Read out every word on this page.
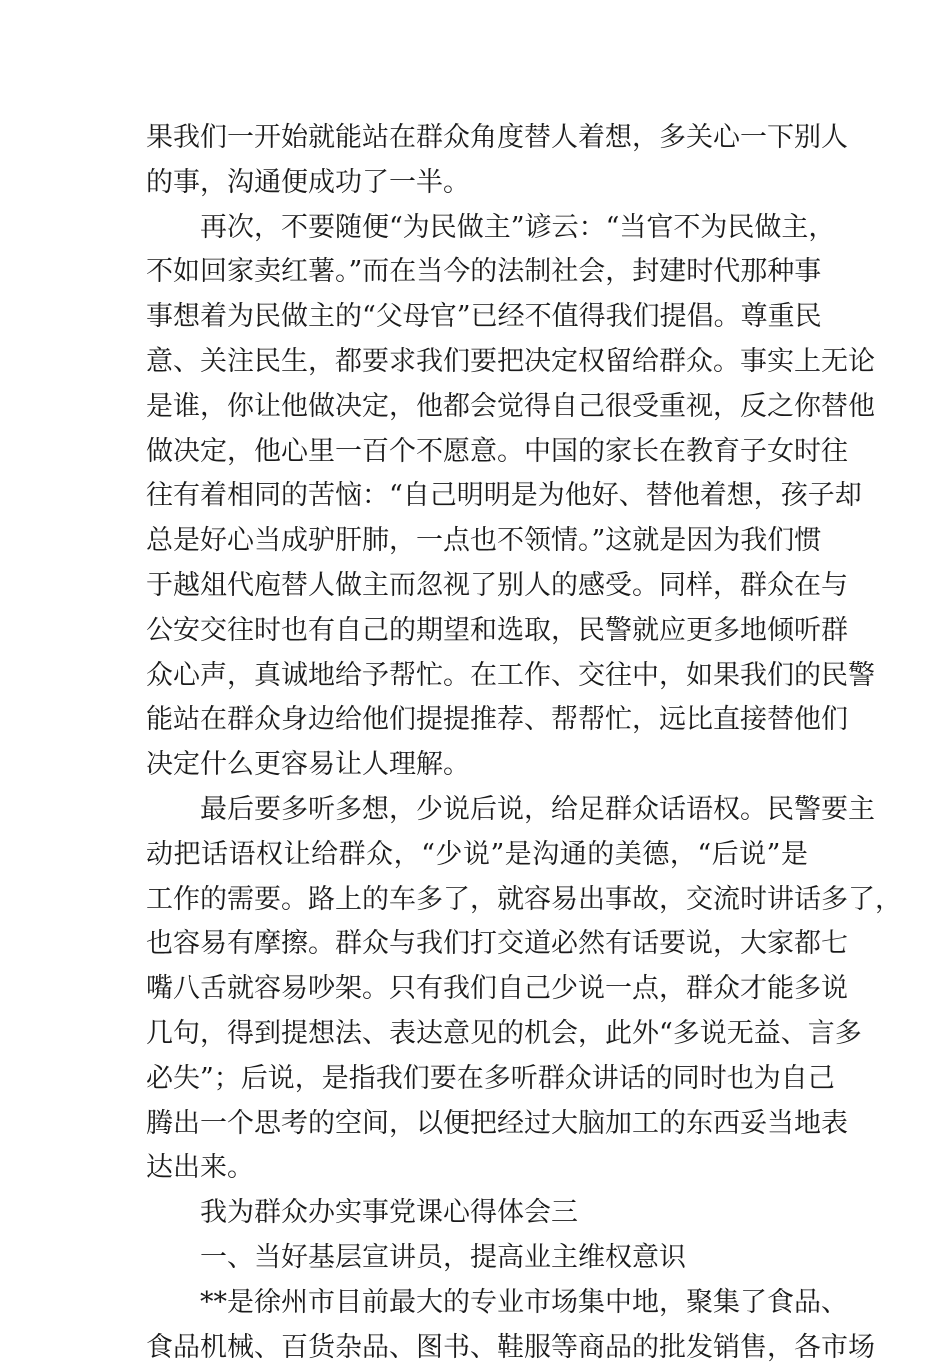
果我们一开始就能站在群众角度替人着想，多关心一下别人
的事，沟通便成功了一半。
再次，不要随便“为民做主”谚云：“当官不为民做主，
不如回家卖红薯。”而在当今的法制社会，封建时代那种事
事想着为民做主的“父母官”已经不值得我们提倡。尊重民
意、关注民生，都要求我们要把决定权留给群众。事实上无论
是谁，你让他做决定，他都会觉得自己很受重视，反之你替他
做决定，他心里一百个不愿意。中国的家长在教育子女时往
往有着相同的苦恼：“自己明明是为他好、替他着想，孩子却
总是好心当成驴肝肺，一点也不领情。”这就是因为我们惯
于越俎代庖替人做主而忽视了别人的感受。同样，群众在与
公安交往时也有自己的期望和选取，民警就应更多地倾听群
众心声，真诚地给予帮忙。在工作、交往中，如果我们的民警
能站在群众身边给他们提提推荐、帮帮忙，远比直接替他们
决定什么更容易让人理解。
最后要多听多想，少说后说，给足群众话语权。民警要主
动把话语权让给群众，“少说”是沟通的美德，“后说”是
工作的需要。路上的车多了，就容易出事故，交流时讲话多了，
也容易有摩擦。群众与我们打交道必然有话要说，大家都七
嘴八舌就容易吵架。只有我们自己少说一点，群众才能多说
几句，得到提想法、表达意见的机会，此外“多说无益、言多
必失”；后说，是指我们要在多听群众讲话的同时也为自己
腾出一个思考的空间，以便把经过大脑加工的东西妥当地表
达出来。
我为群众办实事党课心得体会三
一、当好基层宣讲员，提高业主维权意识
**是徐州市目前最大的专业市场集中地，聚集了食品、
食品机械、百货杂品、图书、鞋服等商品的批发销售，各市场
